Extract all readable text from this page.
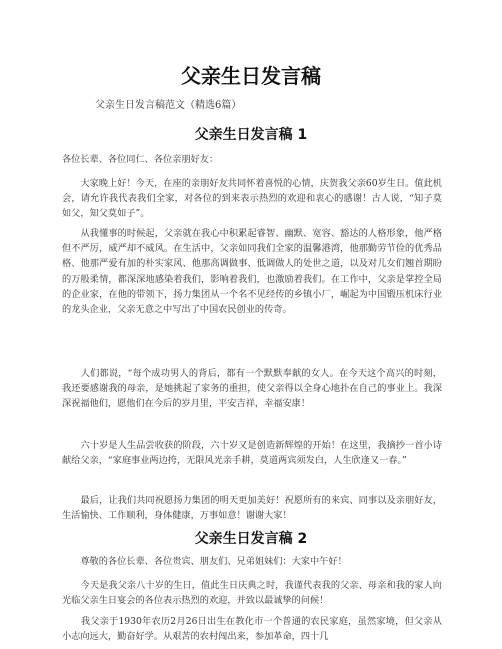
父亲生日发言稿
父亲生日发言稿范文（精选6篇）
父亲生日发言稿 1
各位长辈、各位同仁、各位亲朋好友：
　　大家晚上好！今天，在座的亲朋好友共同怀着喜悦的心情，庆贺我父亲60岁生日。值此机会，请允许我代表我们全家，对各位的到来表示热烈的欢迎和衷心的感谢！古人说，“知子莫如父，知父莫如子”。
　　从我懂事的时候起，父亲就在我心中积累起睿智、幽默、宽容、豁达的人格形象，他严格但不严厉，威严却不威风。在生活中，父亲如同我们全家的温馨港湾，他那勤劳节俭的优秀品格、他那严爱有加的朴实家风、他那高调做事、低调做人的处世之道，以及对儿女们翘首期盼的万般柔情，都深深地感染着我们，影响着我们，也激励着我们。在工作中，父亲是掌控全局的企业家，在他的带领下，扬力集团从一个名不见经传的乡镇小厂，崛起为中国锻压机床行业的龙头企业，父亲无意之中写出了中国农民创业的传奇。
　　人们都说，“每个成功男人的背后，都有一个默默奉献的女人。在今天这个高兴的时刻，我还要感谢我的母亲，是她挑起了家务的重担，使父亲得以全身心地扑在自己的事业上。我深深祝福他们，愿他们在今后的岁月里，平安吉祥，幸福安康！
　　六十岁是人生品尝收获的阶段，六十岁又是创造新辉煌的开始！在这里，我摘抄一首小诗献给父亲，“家庭事业两边挎，无限风光亲手耕，莫道两宾须发白，人生欣逢又一春。”
　　最后，让我们共同祝愿扬力集团的明天更加美好！祝愿所有的来宾、同事以及亲朋好友，生活愉快、工作顺利，身体健康，万事如意！谢谢大家！
父亲生日发言稿 2
　　尊敬的各位长辈、各位贵宾、朋友们、兄弟姐妹们：大家中午好！
　　今天是我父亲八十岁的生日，值此生日庆典之时，我谨代表我的父亲、母亲和我的家人向光临父亲生日宴会的各位表示热烈的欢迎，并致以最诚挚的问候！
　　我父亲于1930年农历2月26日出生在教化市一个普通的农民家庭，虽然家境，但父亲从小志向远大，勤奋好学。从艰苦的农村闯出来，参加革命，四十几
